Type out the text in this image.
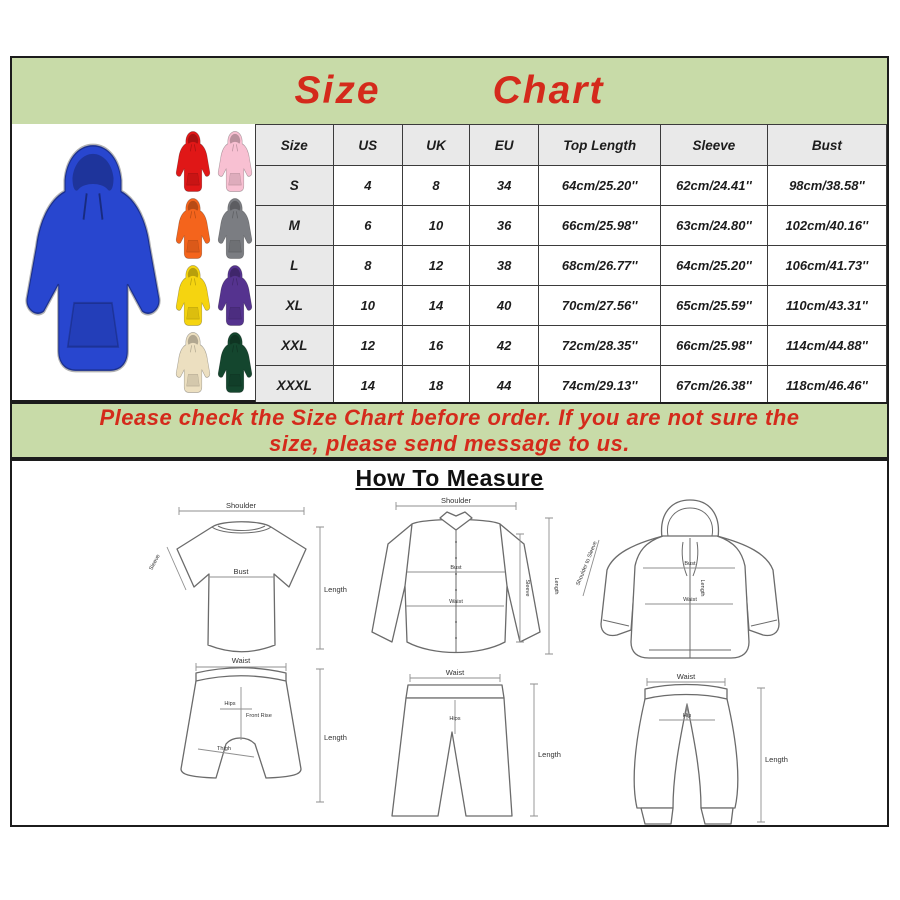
Size	Chart
Size	US	UK	EU	Top Length	Sleeve	Bust
S	4	8	34	64cm/25.20''	62cm/24.41''	98cm/38.58''
M	6	10	36	66cm/25.98''	63cm/24.80''	102cm/40.16''
L	8	12	38	68cm/26.77''	64cm/25.20''	106cm/41.73''
XL	10	14	40	70cm/27.56''	65cm/25.59''	110cm/43.31''
XXL	12	16	42	72cm/28.35''	66cm/25.98''	114cm/44.88''
XXXL	14	18	44	74cm/29.13''	67cm/26.38''	118cm/46.46''
Please check the Size Chart before order. If you are not sure the
size, please send message to us.
How To Measure
Shoulder
Sleeve
Bust
Length
Waist
Hips
Front Rise
Thigh
Length
Shoulder
Bust
Waist
Sleeve	Length
Waist
Hips
Length
Shoulder to Sleeve	Bust
Length
Waist
Waist
Hip
Length
